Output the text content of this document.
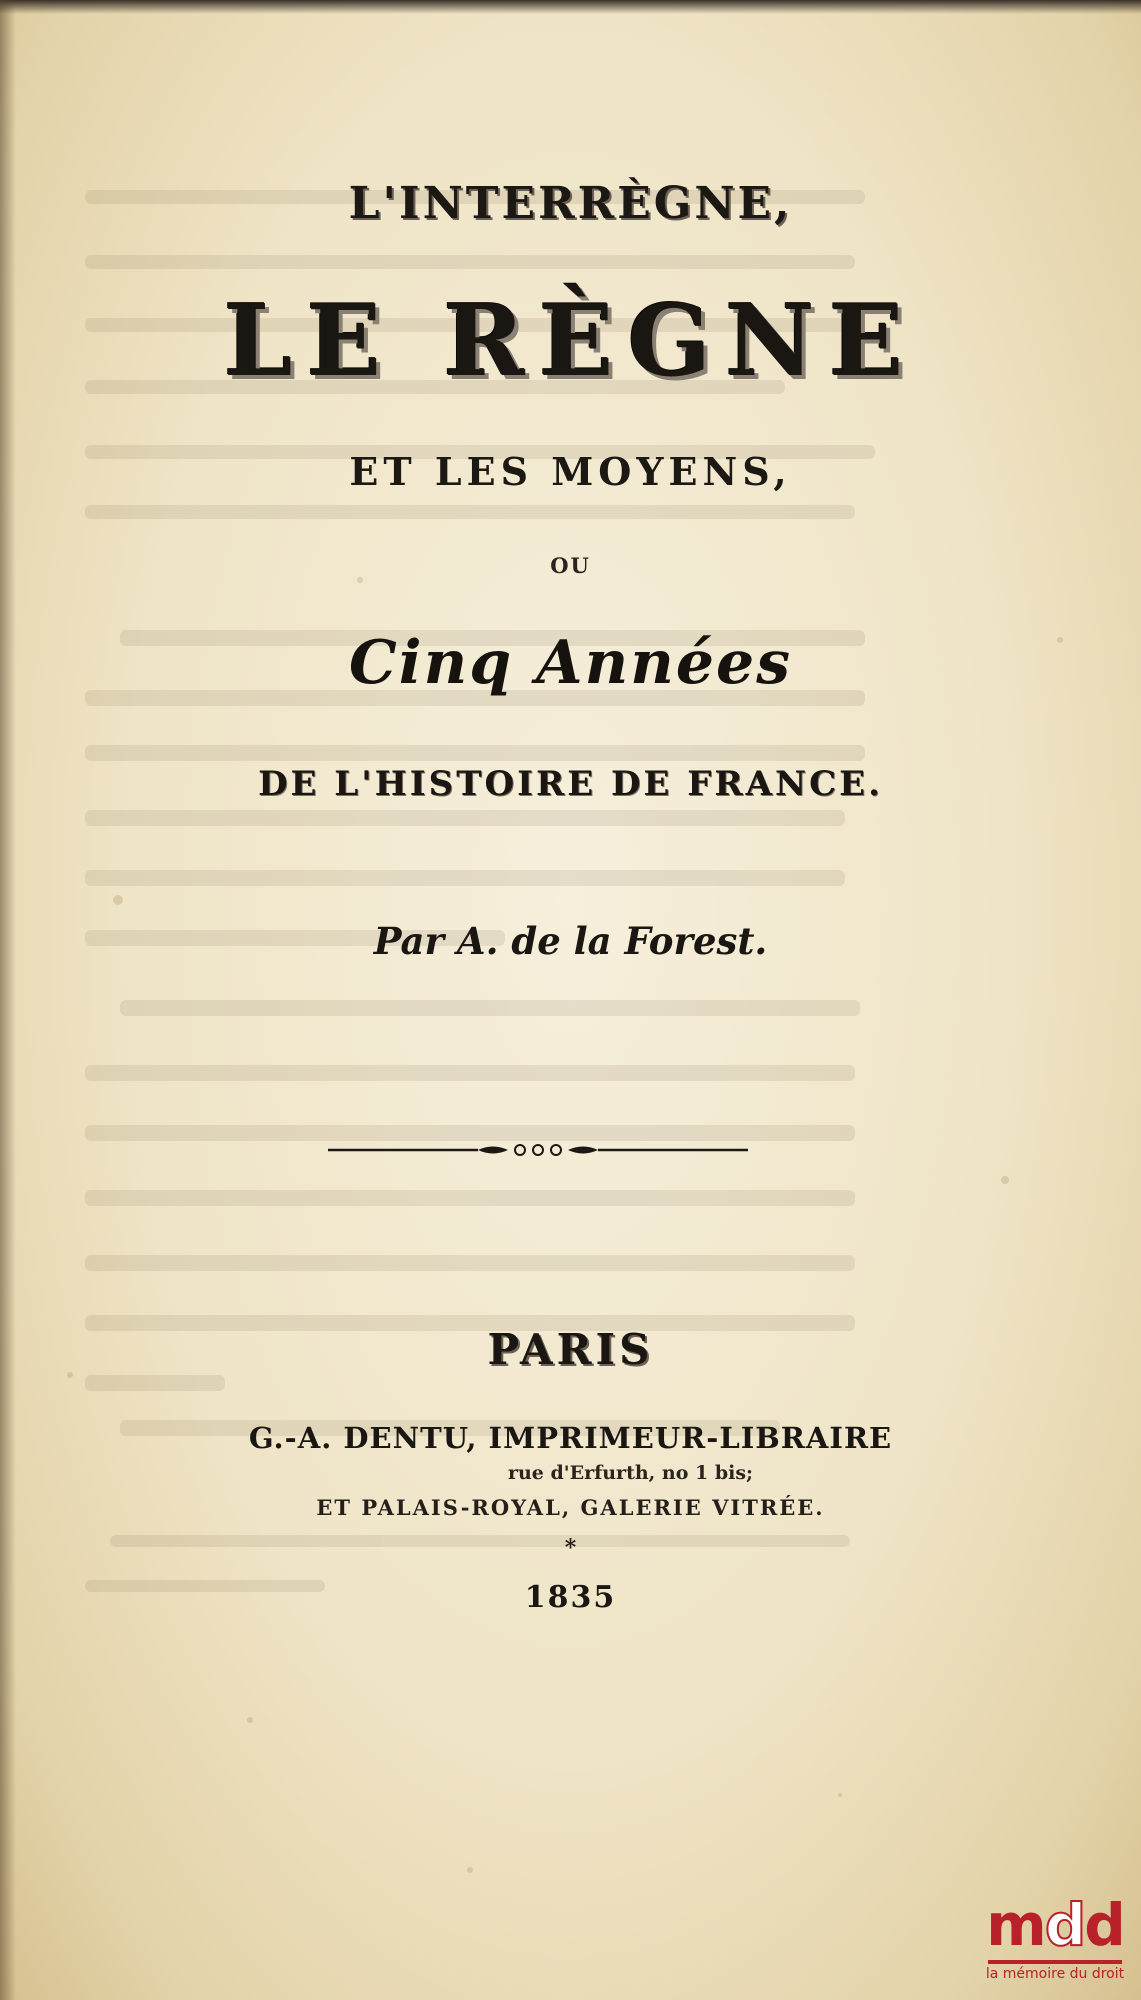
L'INTERRÈGNE,
LE RÈGNE
ET LES MOYENS,
OU
Cinq Années
DE L'HISTOIRE DE FRANCE.
Par A. de la Forest.
PARIS
G.-A. DENTU, IMPRIMEUR-LIBRAIRE
rue d'Erfurth, no 1 bis;
ET PALAIS-ROYAL, GALERIE VITRÉE.
*
1835
mdd
la mémoire du droit
